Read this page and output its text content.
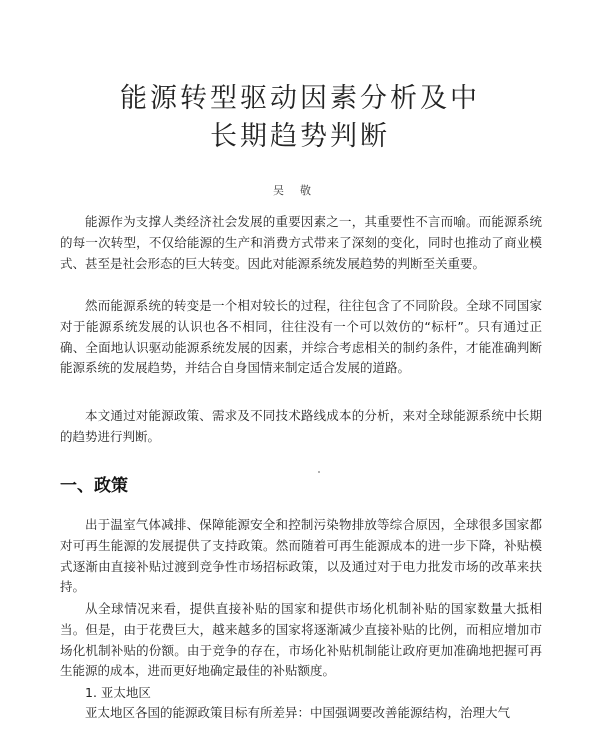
能源转型驱动因素分析及中
长期趋势判断
吴敬

能源作为支撑人类经济社会发展的重要因素之一，其重要性不言而喻。而能源系统的每一次转型，不仅给能源的生产和消费方式带来了深刻的变化，同时也推动了商业模式、甚至是社会形态的巨大转变。因此对能源系统发展趋势的判断至关重要。

然而能源系统的转变是一个相对较长的过程，往往包含了不同阶段。全球不同国家对于能源系统发展的认识也各不相同，往往没有一个可以效仿的“标杆”。只有通过正确、全面地认识驱动能源系统发展的因素，并综合考虑相关的制约条件，才能准确判断能源系统的发展趋势，并结合自身国情来制定适合发展的道路。

本文通过对能源政策、需求及不同技术路线成本的分析，来对全球能源系统中长期的趋势进行判断。

一、政策

出于温室气体减排、保障能源安全和控制污染物排放等综合原因，全球很多国家都对可再生能源的发展提供了支持政策。然而随着可再生能源成本的进一步下降，补贴模式逐渐由直接补贴过渡到竞争性市场招标政策，以及通过对于电力批发市场的改革来扶持。

从全球情况来看，提供直接补贴的国家和提供市场化机制补贴的国家数量大抵相当。但是，由于花费巨大，越来越多的国家将逐渐减少直接补贴的比例，而相应增加市场化机制补贴的份额。由于竞争的存在，市场化补贴机制能让政府更加准确地把握可再生能源的成本，进而更好地确定最佳的补贴额度。

1. 亚太地区

亚太地区各国的能源政策目标有所差异：中国强调要改善能源结构，治理大气
